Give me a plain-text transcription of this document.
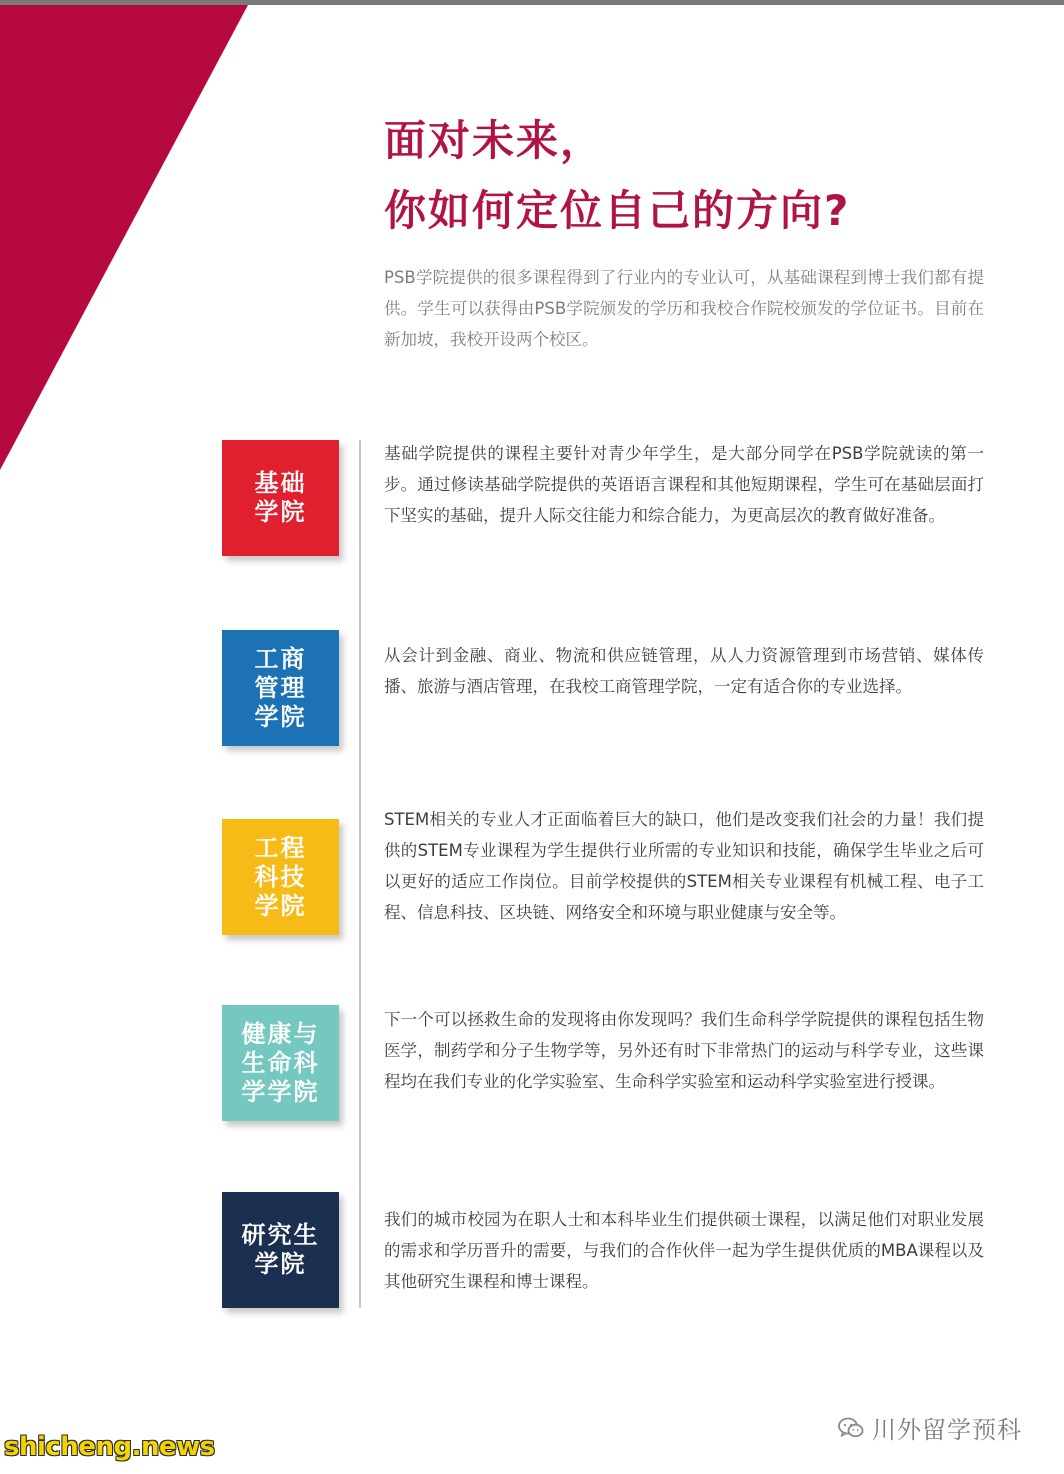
面对未来，
你如何定位自己的方向?

PSB学院提供的很多课程得到了行业内的专业认可，从基础课程到博士我们都有提供。学生可以获得由PSB学院颁发的学历和我校合作院校颁发的学位证书。目前在新加坡，我校开设两个校区。

基础
学院

基础学院提供的课程主要针对青少年学生，是大部分同学在PSB学院就读的第一步。通过修读基础学院提供的英语语言课程和其他短期课程，学生可在基础层面打下坚实的基础，提升人际交往能力和综合能力，为更高层次的教育做好准备。

工商
管理
学院

从会计到金融、商业、物流和供应链管理，从人力资源管理到市场营销、媒体传播、旅游与酒店管理，在我校工商管理学院，一定有适合你的专业选择。

工程
科技
学院

STEM相关的专业人才正面临着巨大的缺口，他们是改变我们社会的力量！我们提供的STEM专业课程为学生提供行业所需的专业知识和技能，确保学生毕业之后可以更好的适应工作岗位。目前学校提供的STEM相关专业课程有机械工程、电子工程、信息科技、区块链、网络安全和环境与职业健康与安全等。

健康与
生命科
学学院

下一个可以拯救生命的发现将由你发现吗？我们生命科学学院提供的课程包括生物医学，制药学和分子生物学等，另外还有时下非常热门的运动与科学专业，这些课程均在我们专业的化学实验室、生命科学实验室和运动科学实验室进行授课。

研究生
学院

我们的城市校园为在职人士和本科毕业生们提供硕士课程，以满足他们对职业发展的需求和学历晋升的需要，与我们的合作伙伴一起为学生提供优质的MBA课程以及其他研究生课程和博士课程。

川外留学预科
shicheng.news
